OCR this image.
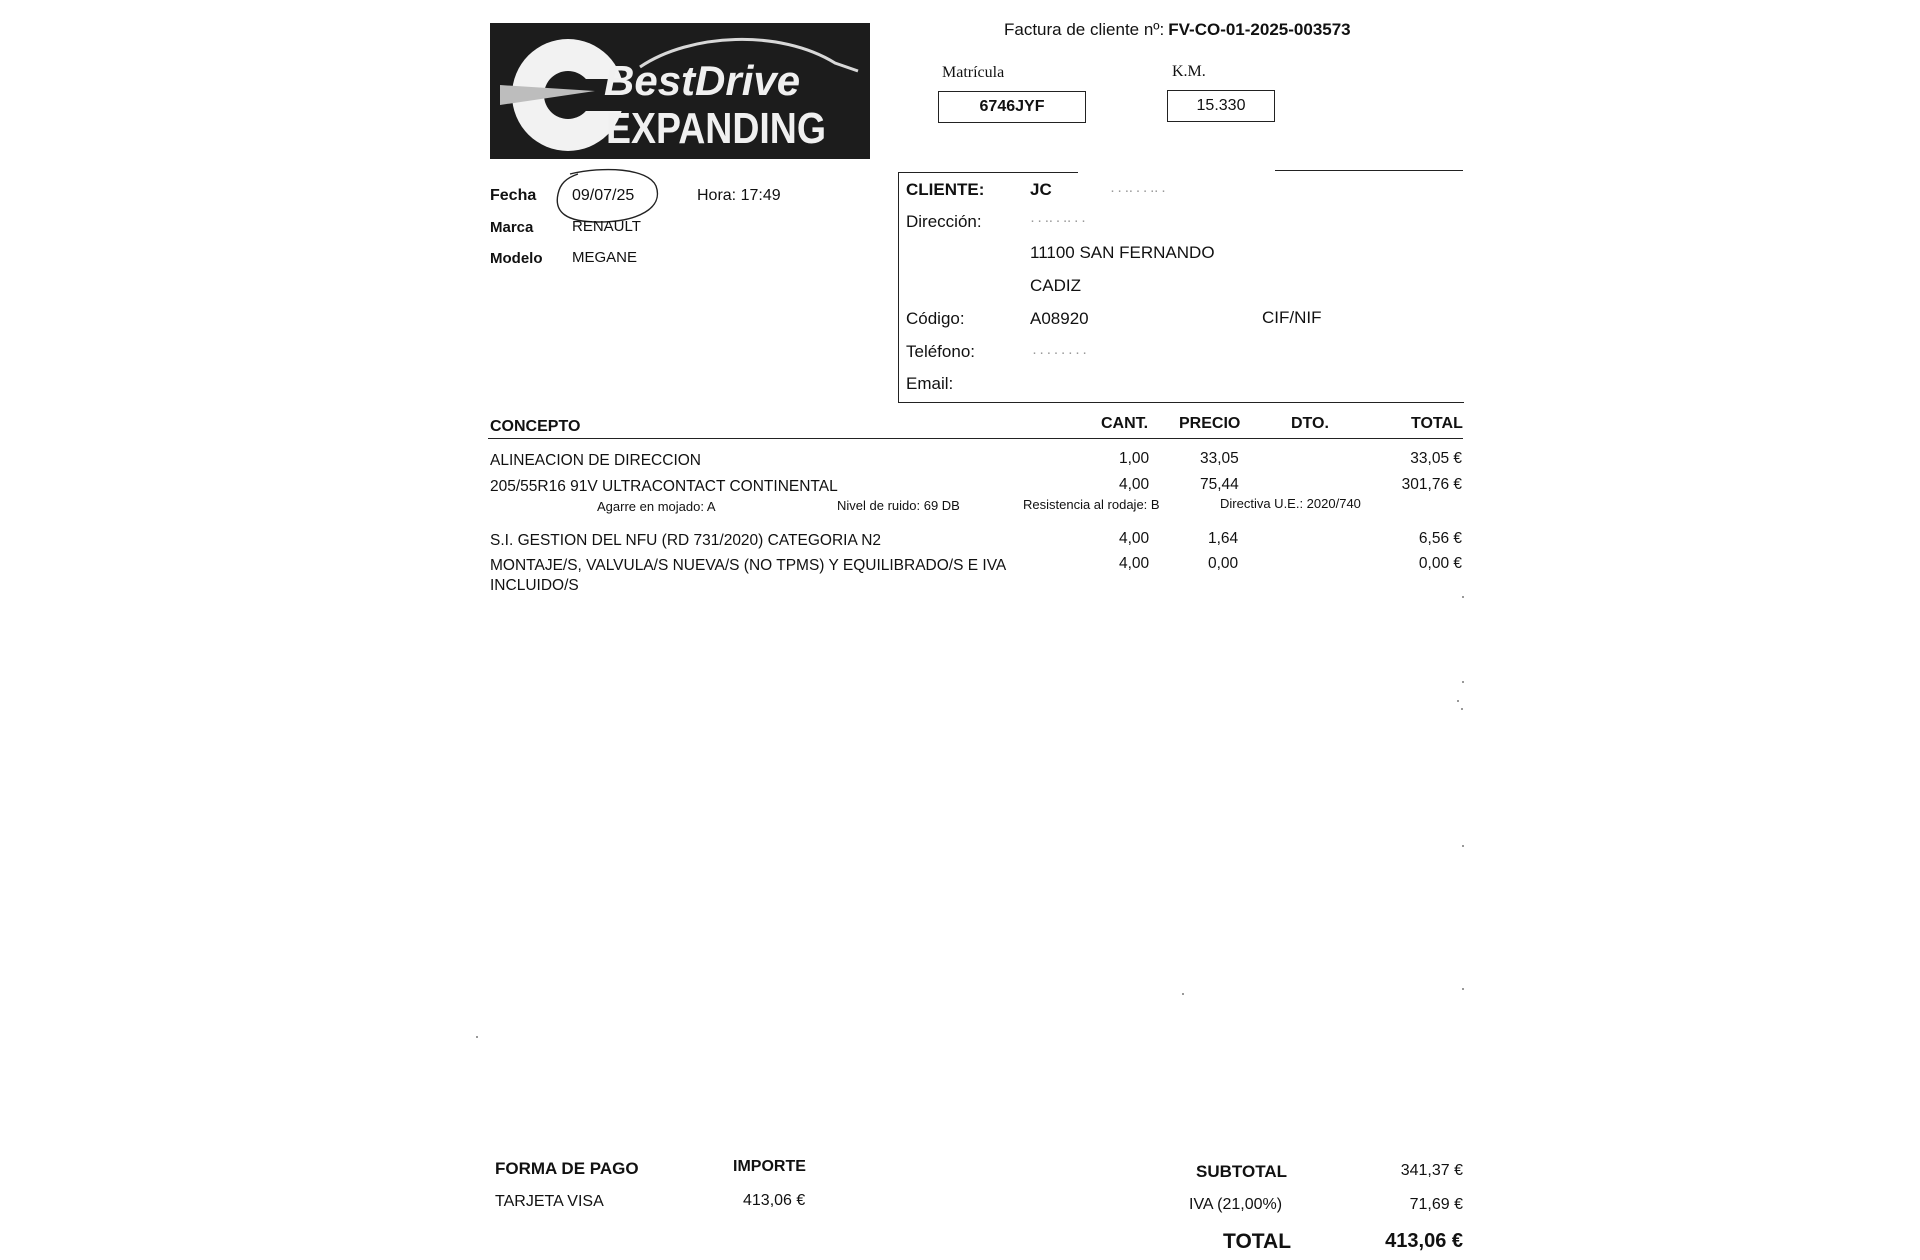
BestDrive
EXPANDING
Factura de cliente nº: FV-CO-01-2025-003573
Matrícula
6746JYF
K.M.
15.330
Fecha 09/07/25	Hora: 17:49
Marca	RENAULT
Modelo MEGANE
CLIENTE:	JC	· · ·· · · ·· ·
Dirección:	· · ·· · ·· · ·
11100 SAN FERNANDO
CADIZ
Código:	A08920	CIF/NIF
Teléfono:	· · · · · · · ·
Email:
CONCEPTO	CANT. PRECIO	DTO.	TOTAL
ALINEACION DE DIRECCION	1,00	33,05	33,05 €
205/55R16 91V ULTRACONTACT CONTINENTAL	4,00	75,44	301,76 €
Agarre en mojado: A	Nivel de ruido: 69 DB	Resistencia al rodaje: B	Directiva U.E.: 2020/740
S.I. GESTION DEL NFU (RD 731/2020) CATEGORIA N2	4,00	1,64	6,56 €
MONTAJE/S, VALVULA/S NUEVA/S (NO TPMS) Y EQUILIBRADO/S E IVA
INCLUIDO/S
4,00	0,00	0,00 €
FORMA DE PAGO	IMPORTE
TARJETA VISA	413,06 €
SUBTOTAL	341,37 €
IVA (21,00%)	71,69 €
TOTAL	413,06 €
